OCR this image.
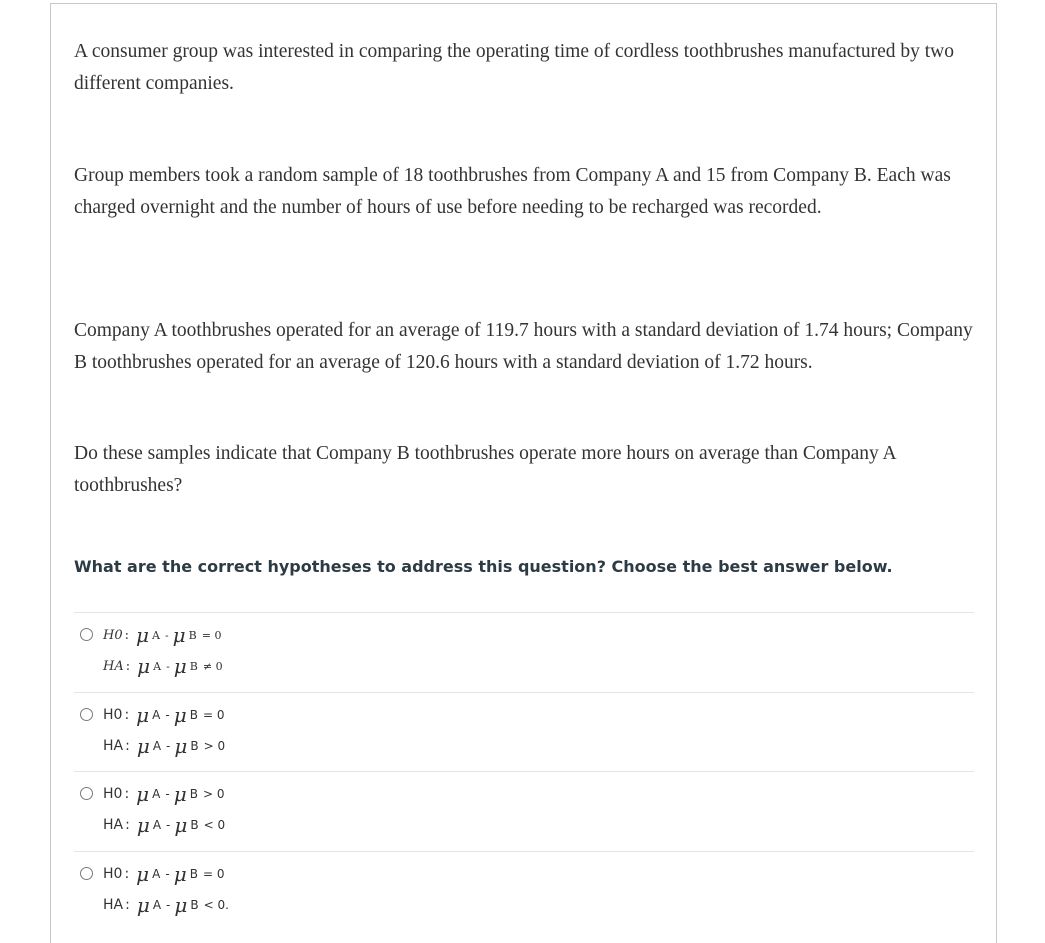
A consumer group was interested in comparing the operating time of cordless toothbrushes manufactured by two different companies.

Group members took a random sample of 18 toothbrushes from Company A and 15 from Company B. Each was charged overnight and the number of hours of use before needing to be recharged was recorded.

Company A toothbrushes operated for an average of 119.7 hours with a standard deviation of 1.74 hours; Company B toothbrushes operated for an average of 120.6 hours with a standard deviation of 1.72 hours.

Do these samples indicate that Company B toothbrushes operate more hours on average than Company A toothbrushes?

What are the correct hypotheses to address this question? Choose the best answer below.

H0 : μ A - μ B = 0
HA : μ A - μ B ≠ 0
H0 : μ A - μ B = 0
HA : μ A - μ B > 0
H0 : μ A - μ B > 0
HA : μ A - μ B < 0
H0 : μ A - μ B = 0
HA : μ A - μ B < 0.
